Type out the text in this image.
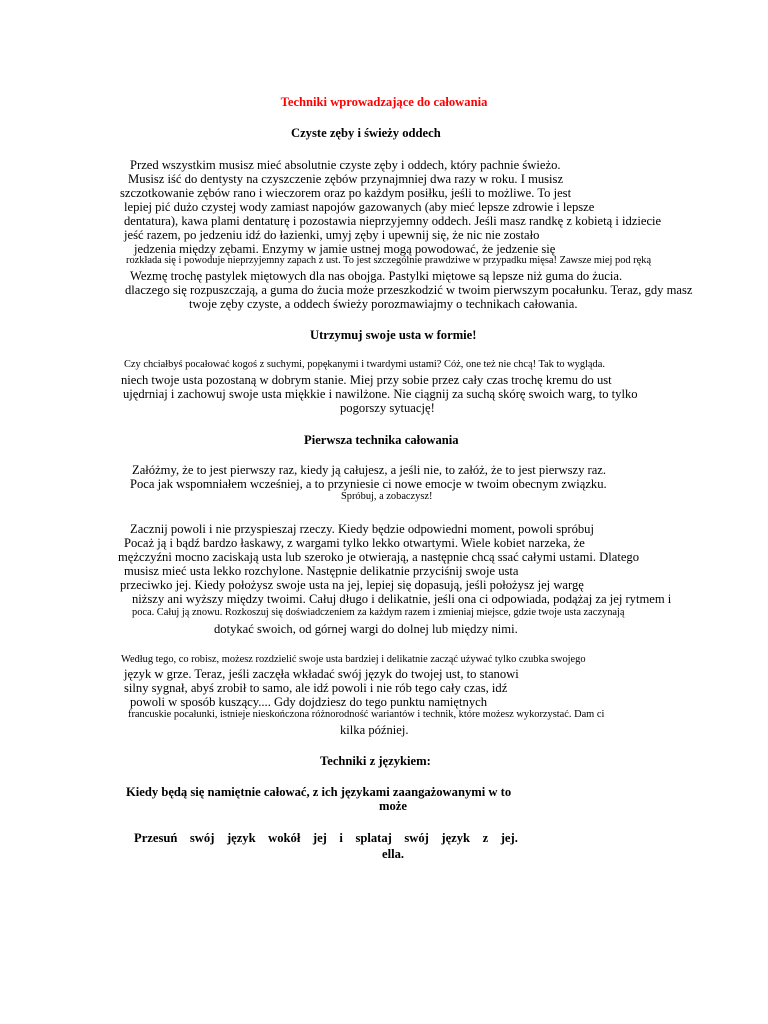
Techniki wprowadzające do całowania
Czyste zęby i świeży oddech
Przed wszystkim musisz mieć absolutnie czyste zęby i oddech, który pachnie świeżo.
Musisz iść do dentysty na czyszczenie zębów przynajmniej dwa razy w roku. I musisz
szczotkowanie zębów rano i wieczorem oraz po każdym posiłku, jeśli to możliwe. To jest
lepiej pić dużo czystej wody zamiast napojów gazowanych (aby mieć lepsze zdrowie i lepsze
dentatura), kawa plami dentaturę i pozostawia nieprzyjemny oddech. Jeśli masz randkę z kobietą i idziecie
jeść razem, po jedzeniu idź do łazienki, umyj zęby i upewnij się, że nic nie zostało
jedzenia między zębami. Enzymy w jamie ustnej mogą powodować, że jedzenie się
rozkłada się i powoduje nieprzyjemny zapach z ust. To jest szczególnie prawdziwe w przypadku mięsa! Zawsze miej pod ręką
Wezmę trochę pastylek miętowych dla nas obojga. Pastylki miętowe są lepsze niż guma do żucia.
dlaczego się rozpuszczają, a guma do żucia może przeszkodzić w twoim pierwszym pocałunku. Teraz, gdy masz
twoje zęby czyste, a oddech świeży porozmawiajmy o technikach całowania.
Utrzymuj swoje usta w formie!
Czy chciałbyś pocałować kogoś z suchymi, popękanymi i twardymi ustami? Cóż, one też nie chcą! Tak to wygląda.
niech twoje usta pozostaną w dobrym stanie. Miej przy sobie przez cały czas trochę kremu do ust
ujędrniaj i zachowuj swoje usta miękkie i nawilżone. Nie ciągnij za suchą skórę swoich warg, to tylko
pogorszy sytuację!
Pierwsza technika całowania
Załóżmy, że to jest pierwszy raz, kiedy ją całujesz, a jeśli nie, to załóż, że to jest pierwszy raz.
Poca jak wspomniałem wcześniej, a to przyniesie ci nowe emocje w twoim obecnym związku.
Spróbuj, a zobaczysz!
Zacznij powoli i nie przyspieszaj rzeczy. Kiedy będzie odpowiedni moment, powoli spróbuj
Pocaż ją i bądź bardzo łaskawy, z wargami tylko lekko otwartymi. Wiele kobiet narzeka, że
mężczyźni mocno zaciskają usta lub szeroko je otwierają, a następnie chcą ssać całymi ustami. Dlatego
musisz mieć usta lekko rozchylone. Następnie delikatnie przyciśnij swoje usta
przeciwko jej. Kiedy położysz swoje usta na jej, lepiej się dopasują, jeśli położysz jej wargę
niższy ani wyższy między twoimi. Całuj długo i delikatnie, jeśli ona ci odpowiada, podążaj za jej rytmem i
poca. Całuj ją znowu. Rozkoszuj się doświadczeniem za każdym razem i zmieniaj miejsce, gdzie twoje usta zaczynają
dotykać swoich, od górnej wargi do dolnej lub między nimi.
Według tego, co robisz, możesz rozdzielić swoje usta bardziej i delikatnie zacząć używać tylko czubka swojego
język w grze. Teraz, jeśli zaczęła wkładać swój język do twojej ust, to stanowi
silny sygnał, abyś zrobił to samo, ale idź powoli i nie rób tego cały czas, idź
powoli w sposób kuszący.... Gdy dojdziesz do tego punktu namiętnych
francuskie pocałunki, istnieje nieskończona różnorodność wariantów i technik, które możesz wykorzystać. Dam ci
kilka później.
Techniki z językiem:
Kiedy będą się namiętnie całować, z ich językami zaangażowanymi w to
może
Przesuń swój język wokół jej i splataj swój język z jej.
ella.
